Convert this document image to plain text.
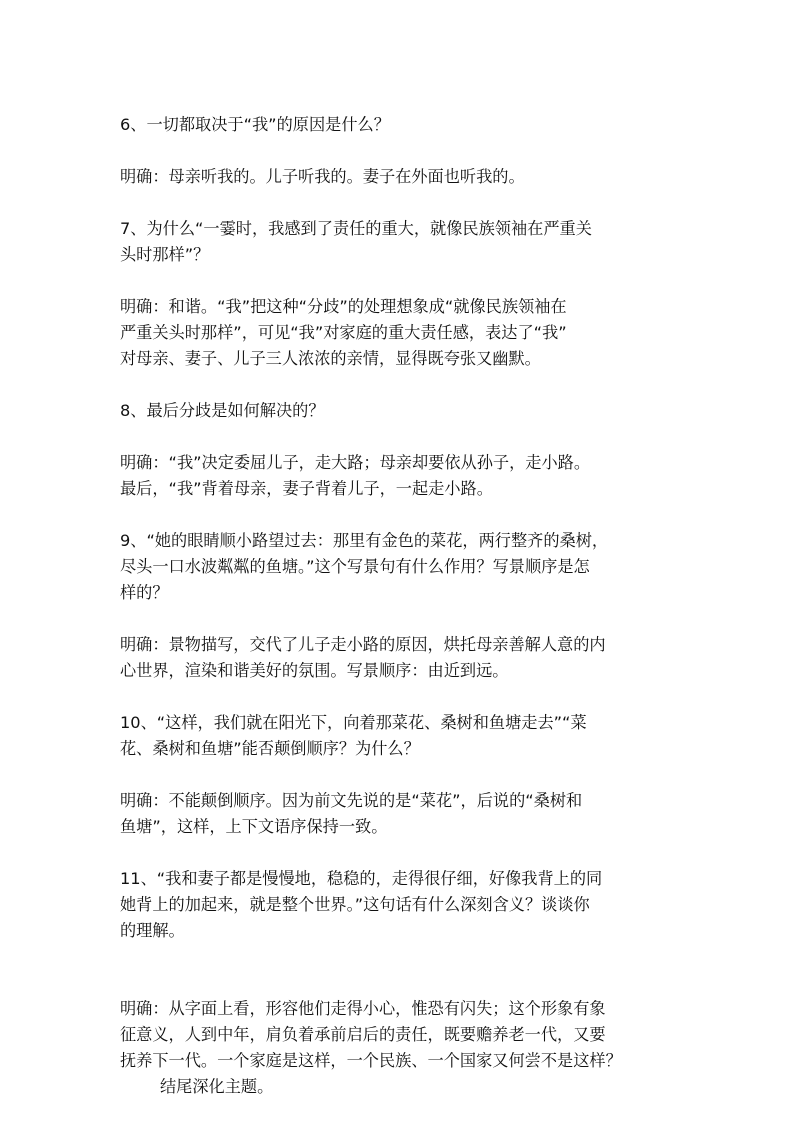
6、一切都取决于“我”的原因是什么？

明确：母亲听我的。儿子听我的。妻子在外面也听我的。

7、为什么“一霎时，我感到了责任的重大，就像民族领袖在严重关
头时那样”？

明确：和谐。“我”把这种“分歧”的处理想象成“就像民族领袖在
严重关头时那样”，可见“我”对家庭的重大责任感，表达了“我”
对母亲、妻子、儿子三人浓浓的亲情，显得既夸张又幽默。

8、最后分歧是如何解决的？

明确：“我”决定委屈儿子，走大路；母亲却要依从孙子，走小路。
最后，“我”背着母亲，妻子背着儿子，一起走小路。

9、“她的眼睛顺小路望过去：那里有金色的菜花，两行整齐的桑树，
尽头一口水波粼粼的鱼塘。”这个写景句有什么作用？写景顺序是怎
样的？

明确：景物描写，交代了儿子走小路的原因，烘托母亲善解人意的内
心世界，渲染和谐美好的氛围。写景顺序：由近到远。

10、“这样，我们就在阳光下，向着那菜花、桑树和鱼塘走去”“菜
花、桑树和鱼塘”能否颠倒顺序？为什么？

明确：不能颠倒顺序。因为前文先说的是“菜花”，后说的“桑树和
鱼塘”，这样，上下文语序保持一致。

11、“我和妻子都是慢慢地，稳稳的，走得很仔细，好像我背上的同
她背上的加起来，就是整个世界。”这句话有什么深刻含义？谈谈你
的理解。

明确：从字面上看，形容他们走得小心，惟恐有闪失；这个形象有象
征意义，人到中年，肩负着承前启后的责任，既要赡养老一代，又要
抚养下一代。一个家庭是这样，一个民族、一个国家又何尝不是这样？

结尾深化主题。
